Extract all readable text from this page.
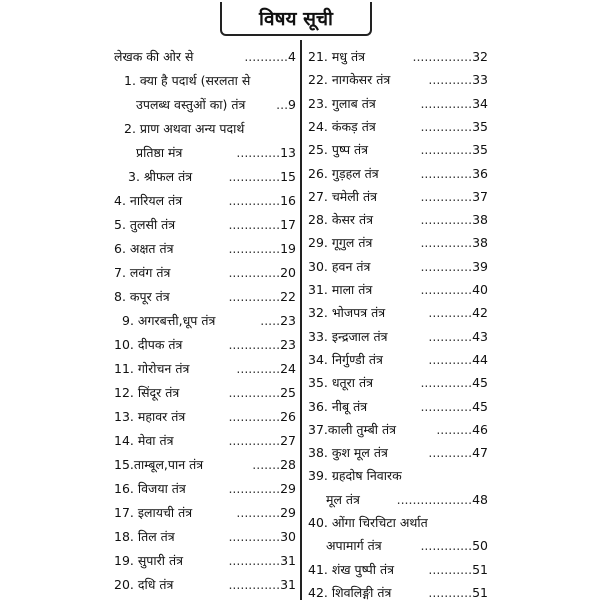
विषय सूची
लेखक की ओर से	...........4
1. क्या है पदार्थ (सरलता से
उपलब्ध वस्तुओं का) तंत्र ...9
2. प्राण अथवा अन्य पदार्थ
प्रतिष्ठा मंत्र	...........13
3. श्रीफल तंत्र	.............15
4. नारियल तंत्र	.............16
5. तुलसी तंत्र	.............17
6. अक्षत तंत्र	.............19
7. लवंग तंत्र	.............20
8. कपूर तंत्र	.............22
9. अगरबत्ती,धूप तंत्र	.....23
10. दीपक तंत्र	.............23
11. गोरोचन तंत्र	...........24
12. सिंदूर तंत्र	.............25
13. महावर तंत्र	.............26
14. मेवा तंत्र	.............27
15.ताम्बूल,पान तंत्र	.......28
16. विजया तंत्र	.............29
17. इलायची तंत्र	...........29
18. तिल तंत्र	.............30
19. सुपारी तंत्र	.............31
20. दधि तंत्र	.............31
21. मधु तंत्र	...............32
22. नागकेसर तंत्र	...........33
23. गुलाब तंत्र	.............34
24. कंकड़ तंत्र	.............35
25. पुष्प तंत्र	.............35
26. गुड़हल तंत्र	.............36
27. चमेली तंत्र	.............37
28. केसर तंत्र	.............38
29. गूगुल तंत्र	.............38
30. हवन तंत्र	.............39
31. माला तंत्र	.............40
32. भोजपत्र तंत्र	...........42
33. इन्द्रजाल तंत्र	...........43
34. निर्गुण्डी तंत्र	...........44
35. धतूरा तंत्र	.............45
36. नीबू तंत्र	.............45
37.काली तुम्बी तंत्र	.........46
38. कुश मूल तंत्र	...........47
39. ग्रहदोष निवारक
मूल तंत्र	...................48
40. ओंगा चिरचिटा अर्थात
अपामार्ग तंत्र	.............50
41. शंख पुष्पी तंत्र	...........51
42. शिवलिङ्गी तंत्र	...........51
